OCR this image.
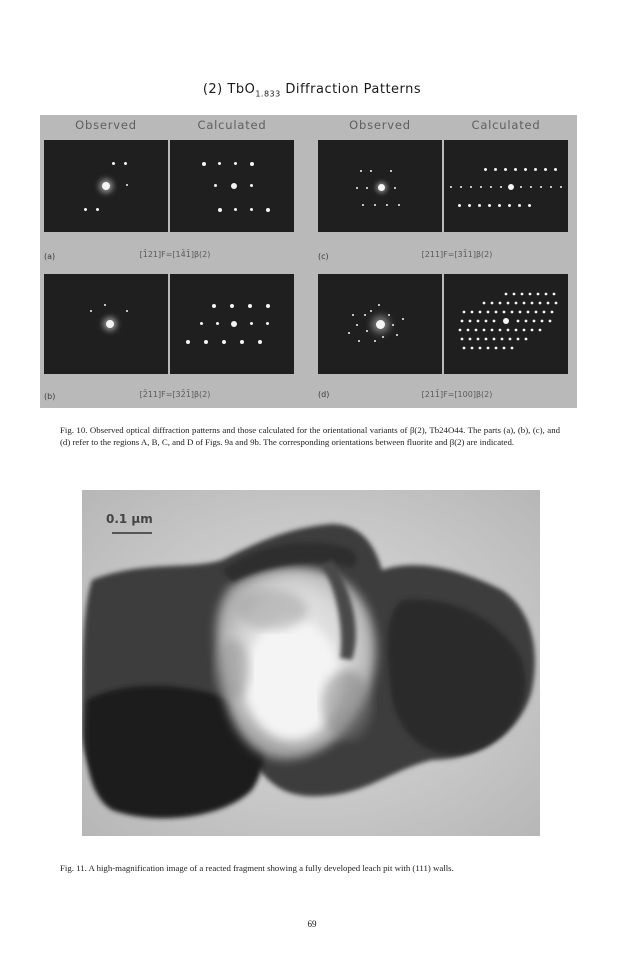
(2) TbO$_{1.833}$ Diffraction Patterns
Observed	Calculated	Observed	Calculated
(a)	[1̄21]F=[14̄1̄]β(2)	(c)	[211]F=[31̄1]β(2)
(b)	[2̄11]F=[32̄1̄]β(2)	(d)	[211̄]F=[100]β(2)
Fig. 10. Observed optical diffraction patterns and those calculated for the orientational variants of β(2), Tb24O44. The parts (a), (b), (c), and (d) refer to the regions A, B, C, and D of Figs. 9a and 9b. The corresponding orientations between fluorite and β(2) are indicated.
0.1 µm
Fig. 11. A high-magnification image of a reacted fragment showing a fully developed leach pit with (111) walls.
69
